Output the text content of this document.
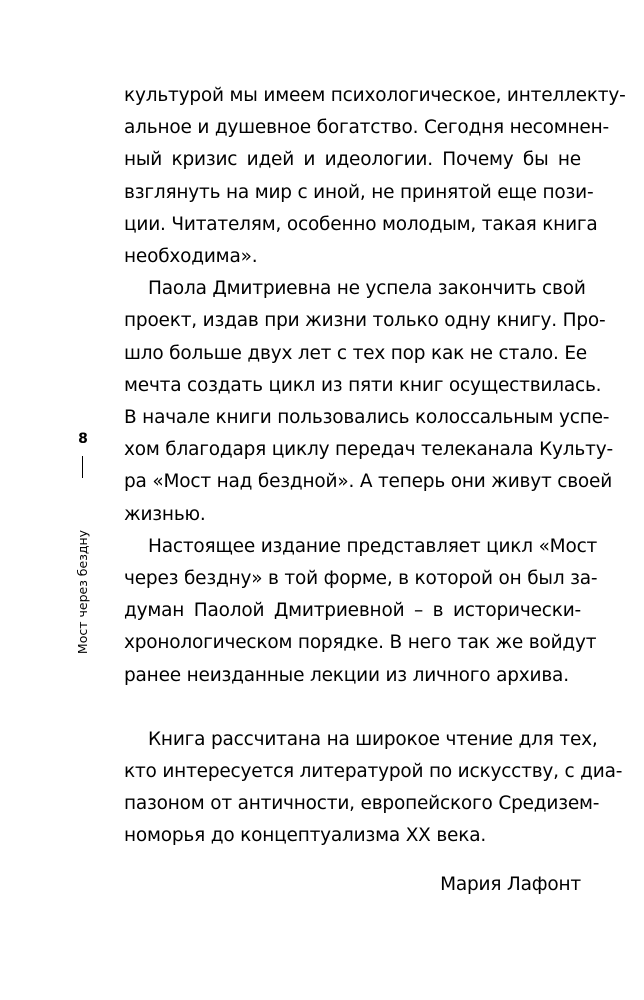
8
Мост через бездну
культурой мы имеем психологическое, интеллекту-
альное и душевное богатство. Сегодня несомнен-
ный кризис идей и идеологии. Почему бы не
взглянуть на мир с иной, не принятой еще пози-
ции. Читателям, особенно молодым, такая книга
необходима».
Паола Дмитриевна не успела закончить свой
проект, издав при жизни только одну книгу. Про-
шло больше двух лет с тех пор как не стало. Ее
мечта создать цикл из пяти книг осуществилась.
В начале книги пользовались колоссальным успе-
хом благодаря циклу передач телеканала Культу-
ра «Мост над бездной». А теперь они живут своей
жизнью.
Настоящее издание представляет цикл «Мост
через бездну» в той форме, в которой он был за-
думан Паолой Дмитриевной – в исторически-
хронологическом порядке. В него так же войдут
ранее неизданные лекции из личного архива.
Книга рассчитана на широкое чтение для тех,
кто интересуется литературой по искусству, с диа-
пазоном от античности, европейского Средизем-
номорья до концептуализма XX века.
Мария Лафонт
